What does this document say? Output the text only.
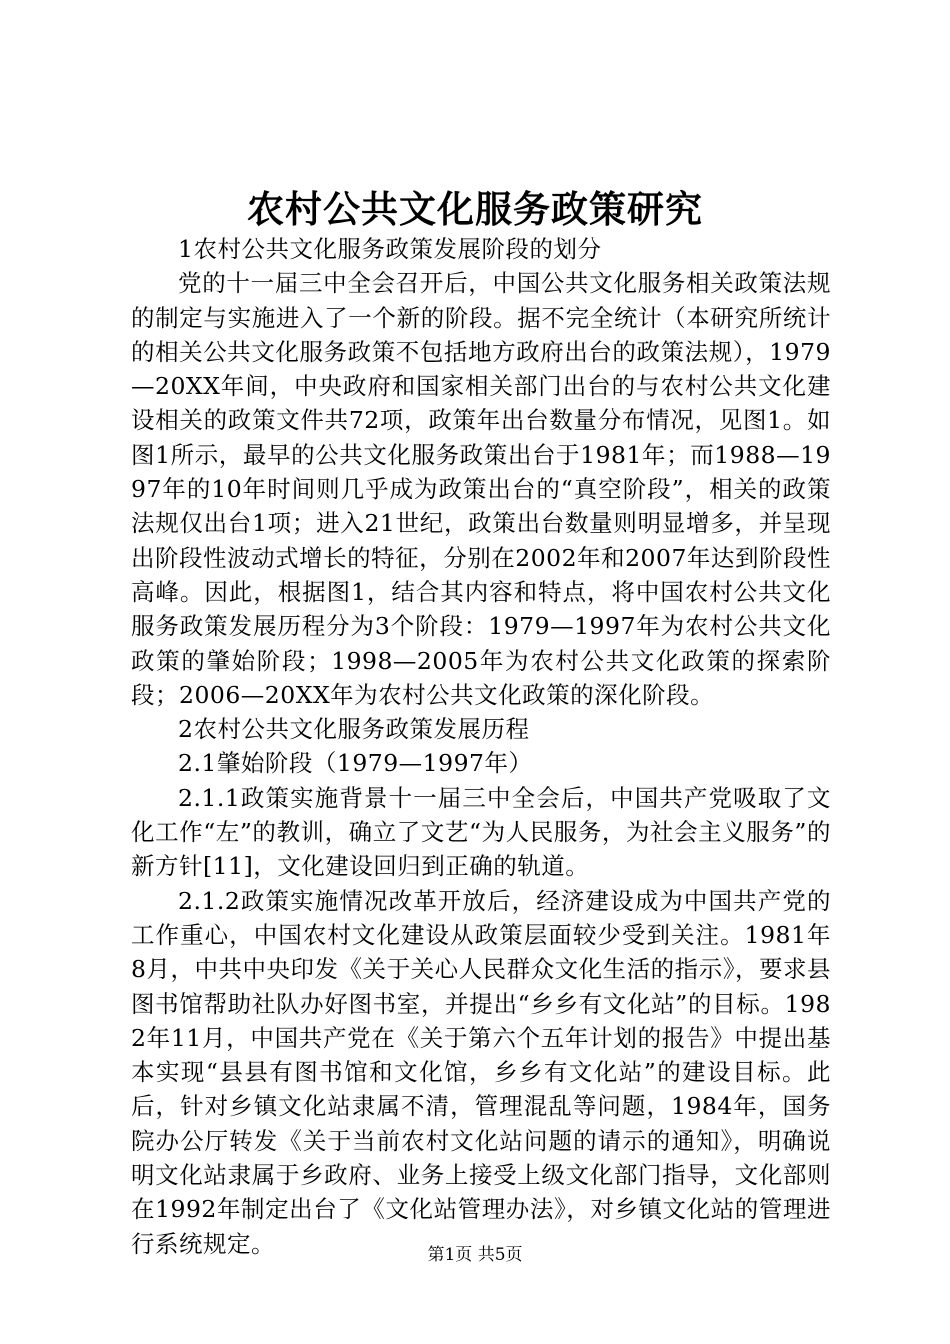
农村公共文化服务政策研究

1农村公共文化服务政策发展阶段的划分

党的十一届三中全会召开后，中国公共文化服务相关政策法规的制定与实施进入了一个新的阶段。据不完全统计（本研究所统计的相关公共文化服务政策不包括地方政府出台的政策法规），1979—20XX年间，中央政府和国家相关部门出台的与农村公共文化建设相关的政策文件共72项，政策年出台数量分布情况，见图1。如图1所示，最早的公共文化服务政策出台于1981年；而1988—1997年的10年时间则几乎成为政策出台的“真空阶段”，相关的政策法规仅出台1项；进入21世纪，政策出台数量则明显增多，并呈现出阶段性波动式增长的特征，分别在2002年和2007年达到阶段性高峰。因此，根据图1，结合其内容和特点，将中国农村公共文化服务政策发展历程分为3个阶段：1979—1997年为农村公共文化政策的肇始阶段；1998—2005年为农村公共文化政策的探索阶段；2006—20XX年为农村公共文化政策的深化阶段。

2农村公共文化服务政策发展历程

2.1肇始阶段（1979—1997年）

2.1.1政策实施背景十一届三中全会后，中国共产党吸取了文化工作“左”的教训，确立了文艺“为人民服务，为社会主义服务”的新方针[11]，文化建设回归到正确的轨道。

2.1.2政策实施情况改革开放后，经济建设成为中国共产党的工作重心，中国农村文化建设从政策层面较少受到关注。1981年8月，中共中央印发《关于关心人民群众文化生活的指示》，要求县图书馆帮助社队办好图书室，并提出“乡乡有文化站”的目标。1982年11月，中国共产党在《关于第六个五年计划的报告》中提出基本实现“县县有图书馆和文化馆，乡乡有文化站”的建设目标。此后，针对乡镇文化站隶属不清，管理混乱等问题，1984年，国务院办公厅转发《关于当前农村文化站问题的请示的通知》，明确说明文化站隶属于乡政府、业务上接受上级文化部门指导，文化部则在1992年制定出台了《文化站管理办法》，对乡镇文化站的管理进行系统规定。	第1页 共5页
